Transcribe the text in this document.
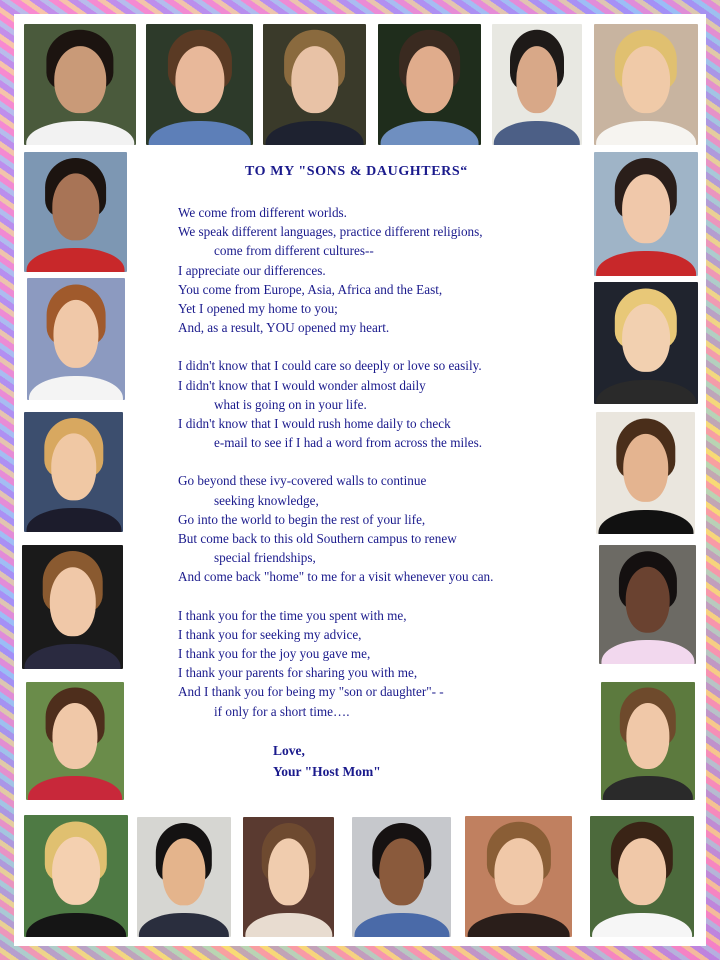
TO MY "SONS & DAUGHTERS“
We come from different worlds.
We speak different languages, practice different religions,
come from different cultures--
I appreciate our differences.
You come from Europe, Asia, Africa and the East,
Yet I opened my home to you;
And, as a result, YOU opened my heart.
I didn't know that I could care so deeply or love so easily.
I didn't know that I would wonder almost daily
what is going on in your life.
I didn't know that I would rush home daily to check
e-mail to see if I had a word from across the miles.
Go beyond these ivy-covered walls to continue
seeking knowledge,
Go into the world to begin the rest of your life,
But come back to this old Southern campus to renew
special friendships,
And come back "home" to me for a visit whenever you can.
I thank you for the time you spent with me,
I thank you for seeking my advice,
I thank you for the joy you gave me,
I thank your parents for sharing you with me,
And I thank you for being my "son or daughter"- -
if only for a short time….
Love,
Your "Host Mom"
